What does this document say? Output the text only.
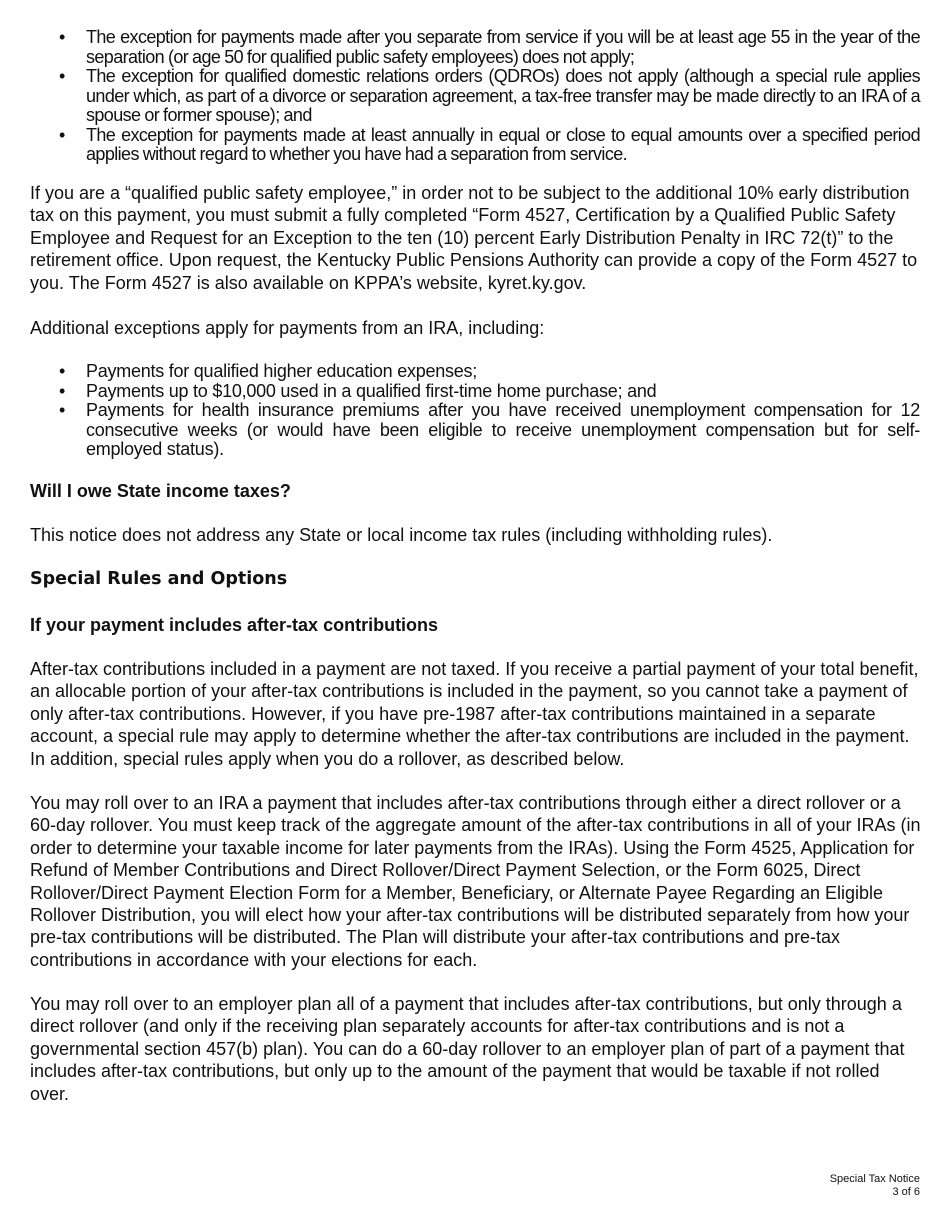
• The exception for payments made after you separate from service if you will be at least age 55 in the year of the separation (or age 50 for qualified public safety employees) does not apply;
• The exception for qualified domestic relations orders (QDROs) does not apply (although a special rule applies under which, as part of a divorce or separation agreement, a tax-free transfer may be made directly to an IRA of a spouse or former spouse); and
• The exception for payments made at least annually in equal or close to equal amounts over a specified period applies without regard to whether you have had a separation from service.

If you are a “qualified public safety employee,” in order not to be subject to the additional 10% early distribution tax on this payment, you must submit a fully completed “Form 4527, Certification by a Qualified Public Safety Employee and Request for an Exception to the ten (10) percent Early Distribution Penalty in IRC 72(t)” to the retirement office. Upon request, the Kentucky Public Pensions Authority can provide a copy of the Form 4527 to you. The Form 4527 is also available on KPPA’s website, kyret.ky.gov.

Additional exceptions apply for payments from an IRA, including:

• Payments for qualified higher education expenses;
• Payments up to $10,000 used in a qualified first-time home purchase; and
• Payments for health insurance premiums after you have received unemployment compensation for 12 consecutive weeks (or would have been eligible to receive unemployment compensation but for self-employed status).

Will I owe State income taxes?

This notice does not address any State or local income tax rules (including withholding rules).

Special Rules and Options

If your payment includes after-tax contributions

After-tax contributions included in a payment are not taxed. If you receive a partial payment of your total benefit, an allocable portion of your after-tax contributions is included in the payment, so you cannot take a payment of only after-tax contributions. However, if you have pre-1987 after-tax contributions maintained in a separate account, a special rule may apply to determine whether the after-tax contributions are included in the payment. In addition, special rules apply when you do a rollover, as described below.

You may roll over to an IRA a payment that includes after-tax contributions through either a direct rollover or a 60-day rollover. You must keep track of the aggregate amount of the after-tax contributions in all of your IRAs (in order to determine your taxable income for later payments from the IRAs). Using the Form 4525, Application for Refund of Member Contributions and Direct Rollover/Direct Payment Selection, or the Form 6025, Direct Rollover/Direct Payment Election Form for a Member, Beneficiary, or Alternate Payee Regarding an Eligible Rollover Distribution, you will elect how your after-tax contributions will be distributed separately from how your pre-tax contributions will be distributed. The Plan will distribute your after-tax contributions and pre-tax contributions in accordance with your elections for each.

You may roll over to an employer plan all of a payment that includes after-tax contributions, but only through a direct rollover (and only if the receiving plan separately accounts for after-tax contributions and is not a governmental section 457(b) plan). You can do a 60-day rollover to an employer plan of part of a payment that includes after-tax contributions, but only up to the amount of the payment that would be taxable if not rolled over.

Special Tax Notice
3 of 6
